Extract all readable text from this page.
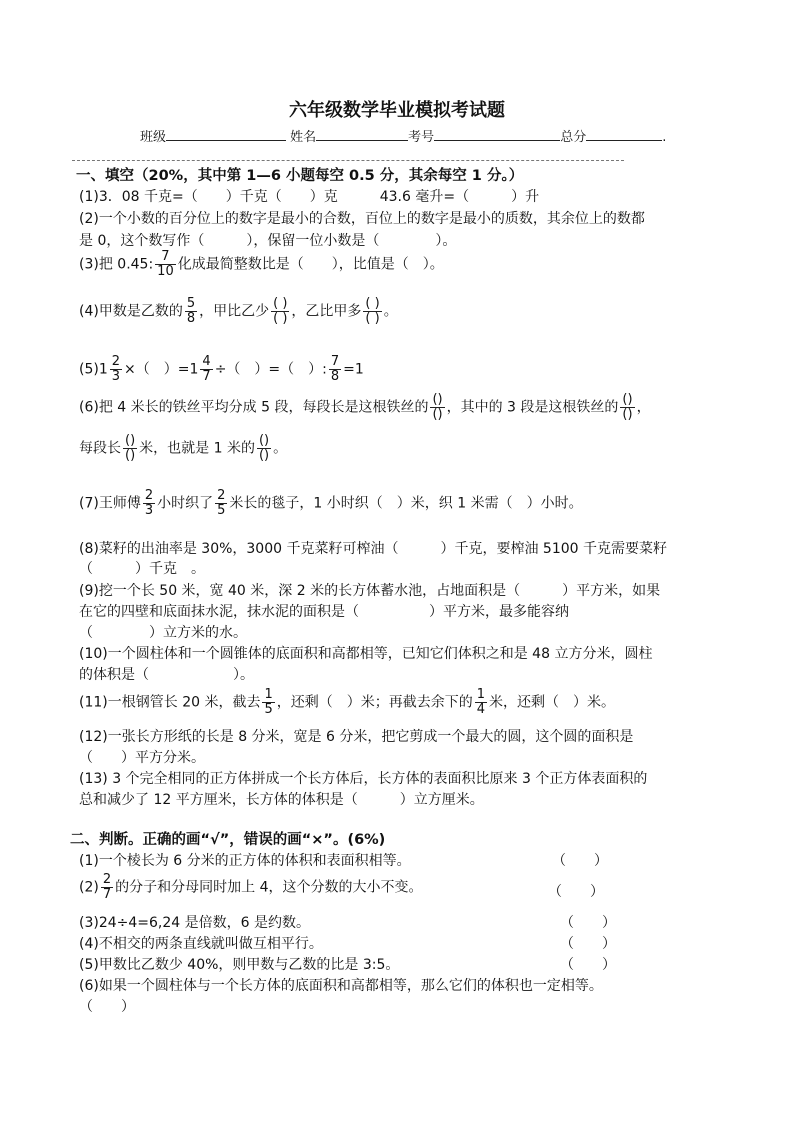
六年级数学毕业模拟考试题
班级	姓名	考号	总分	.
一、填空（20%，其中第 1—6 小题每空 0.5 分，其余每空 1 分。）
(1)3．08 千克=（　　）千克（　　）克　　　43.6 毫升=（　　　）升
(2)一个小数的百分位上的数字是最小的合数，百位上的数字是最小的质数，其余位上的数都
是 0，这个数写作（　　　），保留一位小数是（　　　　）。
(3)把 0.45: $\frac{7}{10}$ 化成最简整数比是（　　），比值是（　）。
(4)甲数是乙数的 $\frac{5}{8}$ ，甲比乙少 $\frac{( )}{( )}$ ，乙比甲多 $\frac{( )}{( )}$ 。
$(5)1 \frac{2}{3}$ ×（　）$=1 \frac{4}{7}$ ÷（　）=（　）: $\frac{7}{8} =1$
(6)把 4 米长的铁丝平均分成 5 段，每段长是这根铁丝的 $\frac{()}{()}$ ，其中的 3 段是这根铁丝的 $\frac{()}{()}$ ，
每段长 $\frac{()}{()}$ 米，也就是 1 米的 $\frac{()}{()}$ 。
(7)王师傅 $\frac{2}{3}$ 小时织了 $\frac{2}{5}$ 米长的毯子，1 小时织（　）米，织 1 米需（　）小时。
(8)菜籽的出油率是 30%，3000 千克菜籽可榨油（　　　）千克，要榨油 5100 千克需要菜籽
（　　　）千克　。
(9)挖一个长 50 米，宽 40 米，深 2 米的长方体蓄水池，占地面积是（　　　）平方米，如果
在它的四壁和底面抹水泥，抹水泥的面积是（　　　　　）平方米，最多能容纳
（　　　　）立方米的水。
(10)一个圆柱体和一个圆锥体的底面积和高都相等，已知它们体积之和是 48 立方分米，圆柱
的体积是（　　　　　　）。
(11)一根钢管长 20 米，截去 $\frac{1}{5}$ ，还剩（　）米；再截去余下的 $\frac{1}{4}$ 米，还剩（　）米。
(12)一张长方形纸的长是 8 分米，宽是 6 分米，把它剪成一个最大的圆，这个圆的面积是
（　　）平方分米。
(13) 3 个完全相同的正方体拼成一个长方体后，长方体的表面积比原来 3 个正方体表面积的
总和减少了 12 平方厘米，长方体的体积是（　　　）立方厘米。
二、判断。正确的画“√”，错误的画“×”。(6%)
(1)一个棱长为 6 分米的正方体的体积和表面积相等。	（　　）
$(2) \frac{2}{7}$ 的分子和分母同时加上 4，这个分数的大小不变。	（　　）
(3)24÷4=6,24 是倍数，6 是约数。	（　　）
(4)不相交的两条直线就叫做互相平行。	（　　）
(5)甲数比乙数少 40%，则甲数与乙数的比是 3:5。	（　　）
(6)如果一个圆柱体与一个长方体的底面积和高都相等，那么它们的体积也一定相等。
（　　）
